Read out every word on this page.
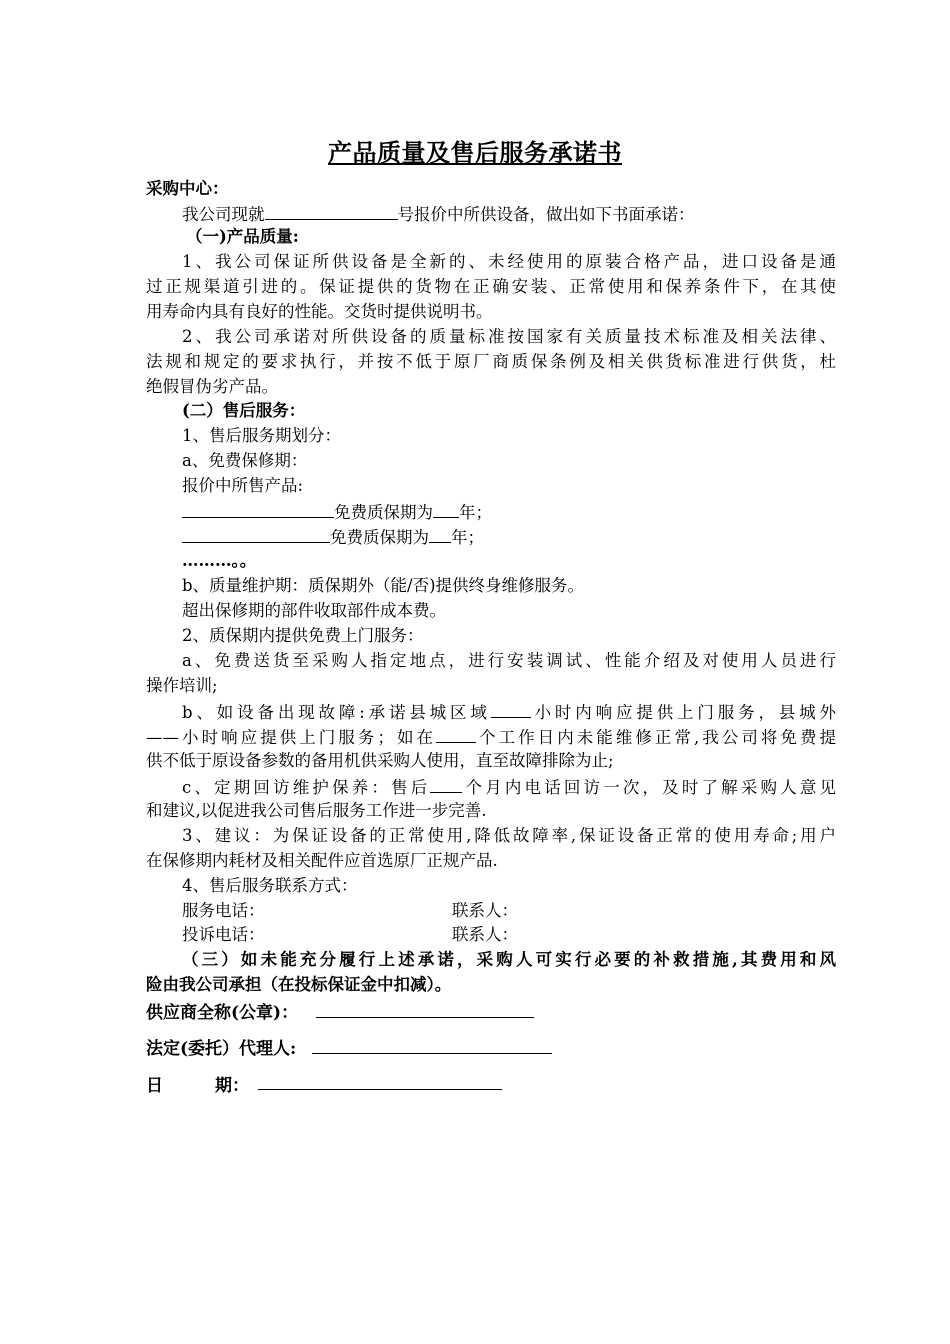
产品质量及售后服务承诺书
采购中心：
我公司现就	号报价中所供设备，做出如下书面承诺：
（一)产品质量:
1、我公司保证所供设备是全新的、未经使用的原装合格产品，进口设备是通
过正规渠道引进的。保证提供的货物在正确安装、正常使用和保养条件下，在其使
用寿命内具有良好的性能。交货时提供说明书。
2、我公司承诺对所供设备的质量标准按国家有关质量技术标准及相关法律、
法规和规定的要求执行，并按不低于原厂商质保条例及相关供货标准进行供货，杜
绝假冒伪劣产品。
(二）售后服务：
1、售后服务期划分：
a、免费保修期：
报价中所售产品:
免费质保期为 年；
免费质保期为 年；
………。。
b、质量维护期：质保期外（能/否)提供终身维修服务。
超出保修期的部件收取部件成本费。
2、质保期内提供免费上门服务：
a、免费送货至采购人指定地点，进行安装调试、性能介绍及对使用人员进行
操作培训;
b、如设备出现故障:承诺县城区域 小时内响应提供上门服务，县城外
——小时响应提供上门服务；如在 个工作日内未能维修正常,我公司将免费提
供不低于原设备参数的备用机供采购人使用，直至故障排除为止;
c、定期回访维护保养：售后 个月内电话回访一次，及时了解采购人意见
和建议,以促进我公司售后服务工作进一步完善.
3、建议：为保证设备的正常使用,降低故障率,保证设备正常的使用寿命;用户
在保修期内耗材及相关配件应首选原厂正规产品.
4、售后服务联系方式：
服务电话：	联系人：
投诉电话：	联系人：
（三）如未能充分履行上述承诺，采购人可实行必要的补救措施,其费用和风
险由我公司承担（在投标保证金中扣减）。
供应商全称(公章)：
法定(委托）代理人:
日	期：
